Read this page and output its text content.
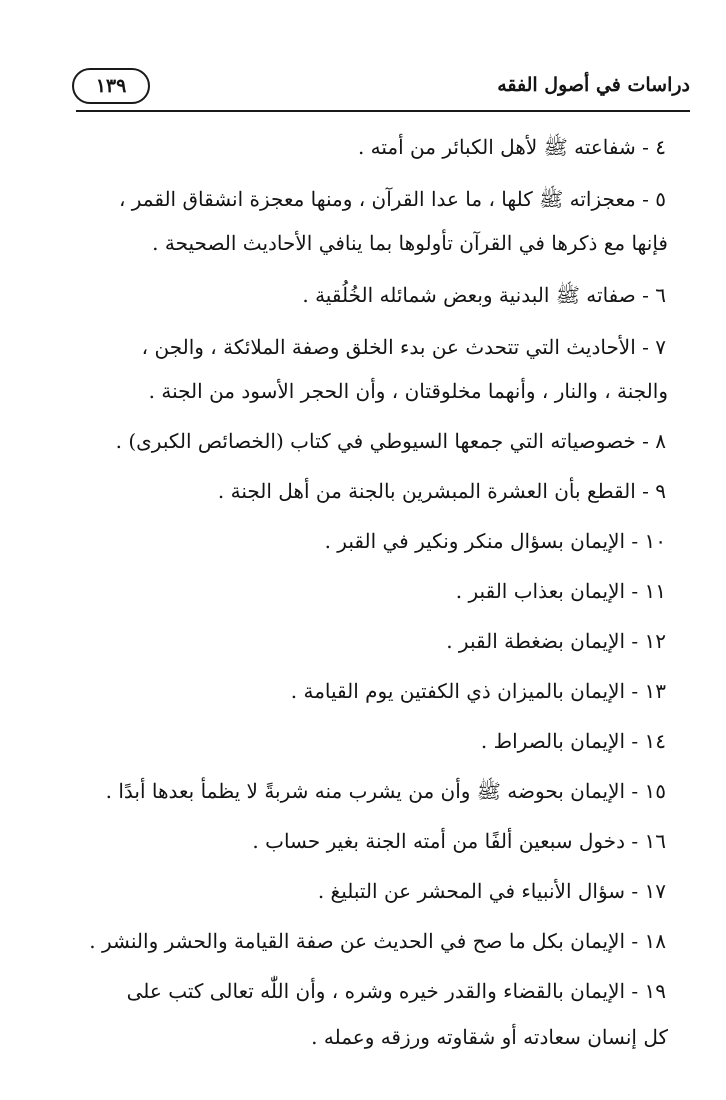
دراسات في أصول الفقه
١٣٩
٤ - شفاعته ﷺ لأهل الكبائر من أمته .
٥ - معجزاته ﷺ كلها ، ما عدا القرآن ، ومنها معجزة انشقاق القمر ،
فإنها مع ذكرها في القرآن تأولوها بما ينافي الأحاديث الصحيحة .
٦ - صفاته ﷺ البدنية وبعض شمائله الخُلُقية .
٧ - الأحاديث التي تتحدث عن بدء الخلق وصفة الملائكة ، والجن ،
والجنة ، والنار ، وأنهما مخلوقتان ، وأن الحجر الأسود من الجنة .
٨ - خصوصياته التي جمعها السيوطي في كتاب (الخصائص الكبرى) .
٩ - القطع بأن العشرة المبشرين بالجنة من أهل الجنة .
١٠ - الإيمان بسؤال منكر ونكير في القبر .
١١ - الإيمان بعذاب القبر .
١٢ - الإيمان بضغطة القبر .
١٣ - الإيمان بالميزان ذي الكفتين يوم القيامة .
١٤ - الإيمان بالصراط .
١٥ - الإيمان بحوضه ﷺ وأن من يشرب منه شربةً لا يظمأ بعدها أبدًا .
١٦ - دخول سبعين ألفًا من أمته الجنة بغير حساب .
١٧ - سؤال الأنبياء في المحشر عن التبليغ .
١٨ - الإيمان بكل ما صح في الحديث عن صفة القيامة والحشر والنشر .
١٩ - الإيمان بالقضاء والقدر خيره وشره ، وأن اللّٰه تعالى كتب على
كل إنسان سعادته أو شقاوته ورزقه وعمله .
